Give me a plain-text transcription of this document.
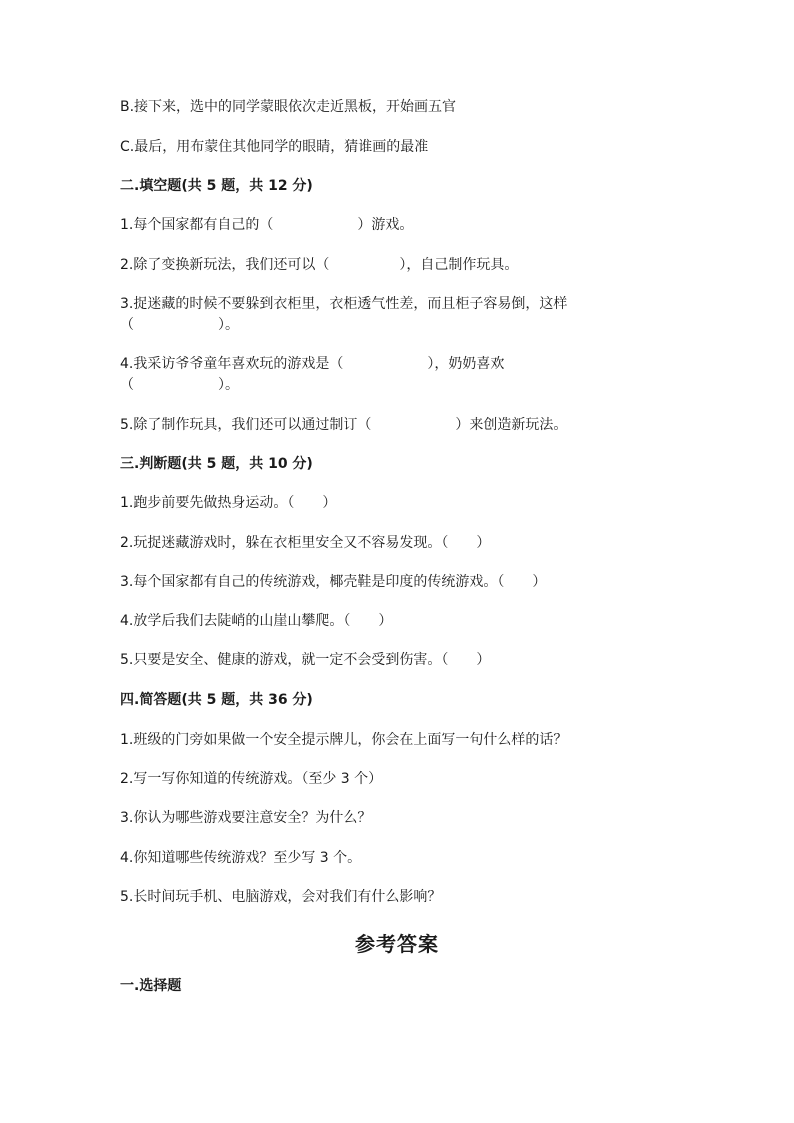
B.接下来，选中的同学蒙眼依次走近黑板，开始画五官
C.最后，用布蒙住其他同学的眼睛，猜谁画的最准
二.填空题(共 5 题，共 12 分)
1.每个国家都有自己的（　　　　　　）游戏。
2.除了变换新玩法，我们还可以（　　　　　），自己制作玩具。
3.捉迷藏的时候不要躲到衣柜里，衣柜透气性差，而且柜子容易倒，这样
（　　　　　　）。
4.我采访爷爷童年喜欢玩的游戏是（　　　　　　），奶奶喜欢
（　　　　　　）。
5.除了制作玩具，我们还可以通过制订（　　　　　　）来创造新玩法。
三.判断题(共 5 题，共 10 分)
1.跑步前要先做热身运动。（　　）
2.玩捉迷藏游戏时，躲在衣柜里安全又不容易发现。（　　）
3.每个国家都有自己的传统游戏，椰壳鞋是印度的传统游戏。（　　）
4.放学后我们去陡峭的山崖山攀爬。（　　）
5.只要是安全、健康的游戏，就一定不会受到伤害。（　　）
四.简答题(共 5 题，共 36 分)
1.班级的门旁如果做一个安全提示牌儿，你会在上面写一句什么样的话？
2.写一写你知道的传统游戏。（至少 3 个）
3.你认为哪些游戏要注意安全？为什么？
4.你知道哪些传统游戏？至少写 3 个。
5.长时间玩手机、电脑游戏，会对我们有什么影响？
参考答案
一.选择题
